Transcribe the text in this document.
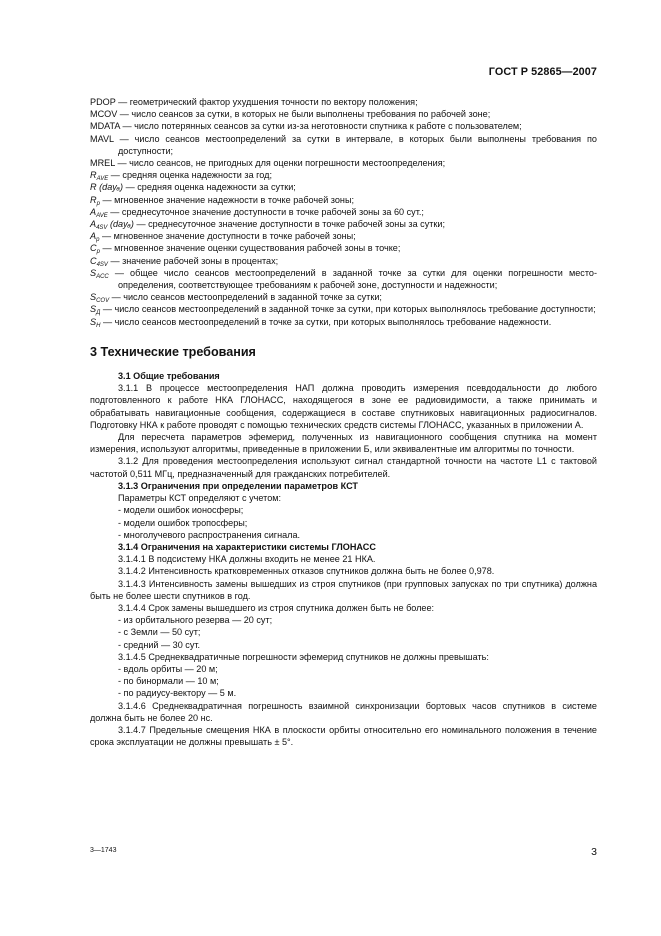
ГОСТ Р 52865—2007
PDOP — геометрический фактор ухудшения точности по вектору положения;
MCOV — число сеансов за сутки, в которых не были выполнены требования по рабочей зоне;
MDATA — число потерянных сеансов за сутки из-за неготовности спутника к работе с пользователем;
MAVL — число сеансов местоопределений за сутки в интервале, в которых были выполнены требования по доступности;
MREL — число сеансов, не пригодных для оценки погрешности местоопределения;
$R_{AVE}$ — средняя оценка надежности за год;
R (dayₐ) — средняя оценка надежности за сутки;
$R_p$ — мгновенное значение надежности в точке рабочей зоны;
$A_{AVE}$ — среднесуточное значение доступности в точке рабочей зоны за 60 сут.;
$A_{4SV}$ (dayₐ) — среднесуточное значение доступности в точке рабочей зоны за сутки;
$A_p$ — мгновенное значение доступности в точке рабочей зоны;
$C_p$ — мгновенное значение оценки существования рабочей зоны в точке;
$C_{4SV}$ — значение рабочей зоны в процентах;
$S_{ACC}$ — общее число сеансов местоопределений в заданной точке за сутки для оценки погрешности местоопределения, соответствующее требованиям к рабочей зоне, доступности и надежности;
$S_{COV}$ — число сеансов местоопределений в заданной точке за сутки;
$S_Д$ — число сеансов местоопределений в заданной точке за сутки, при которых выполнялось требование доступности;
$S_Н$ — число сеансов местоопределений в точке за сутки, при которых выполнялось требование надежности.
3 Технические требования
3.1 Общие требования
3.1.1 В процессе местоопределения НАП должна проводить измерения псевдодальности до любого подготовленного к работе НКА ГЛОНАСС, находящегося в зоне ее радиовидимости, а также принимать и обрабатывать навигационные сообщения, содержащиеся в составе спутниковых навигационных радиосигналов. Подготовку НКА к работе проводят с помощью технических средств системы ГЛОНАСС, указанных в приложении А.
Для пересчета параметров эфемерид, полученных из навигационного сообщения спутника на момент измерения, используют алгоритмы, приведенные в приложении Б, или эквивалентные им алгоритмы по точности.
3.1.2 Для проведения местоопределения используют сигнал стандартной точности на частоте L1 с тактовой частотой 0,511 МГц, предназначенный для гражданских потребителей.
3.1.3 Ограничения при определении параметров КСТ
Параметры КСТ определяют с учетом:
- модели ошибок ионосферы;
- модели ошибок тропосферы;
- многолучевого распространения сигнала.
3.1.4 Ограничения на характеристики системы ГЛОНАСС
3.1.4.1 В подсистему НКА должны входить не менее 21 НКА.
3.1.4.2 Интенсивность кратковременных отказов спутников должна быть не более 0,978.
3.1.4.3 Интенсивность замены вышедших из строя спутников (при групповых запусках по три спутника) должна быть не более шести спутников в год.
3.1.4.4 Срок замены вышедшего из строя спутника должен быть не более:
- из орбитального резерва — 20 сут;
- с Земли — 50 сут;
- средний — 30 сут.
3.1.4.5 Среднеквадратичные погрешности эфемерид спутников не должны превышать:
- вдоль орбиты — 20 м;
- по бинормали — 10 м;
- по радиусу-вектору — 5 м.
3.1.4.6 Среднеквадратичная погрешность взаимной синхронизации бортовых часов спутников в системе должна быть не более 20 нс.
3.1.4.7 Предельные смещения НКА в плоскости орбиты относительно его номинального положения в течение срока эксплуатации не должны превышать ± 5°.
3—1743	3
